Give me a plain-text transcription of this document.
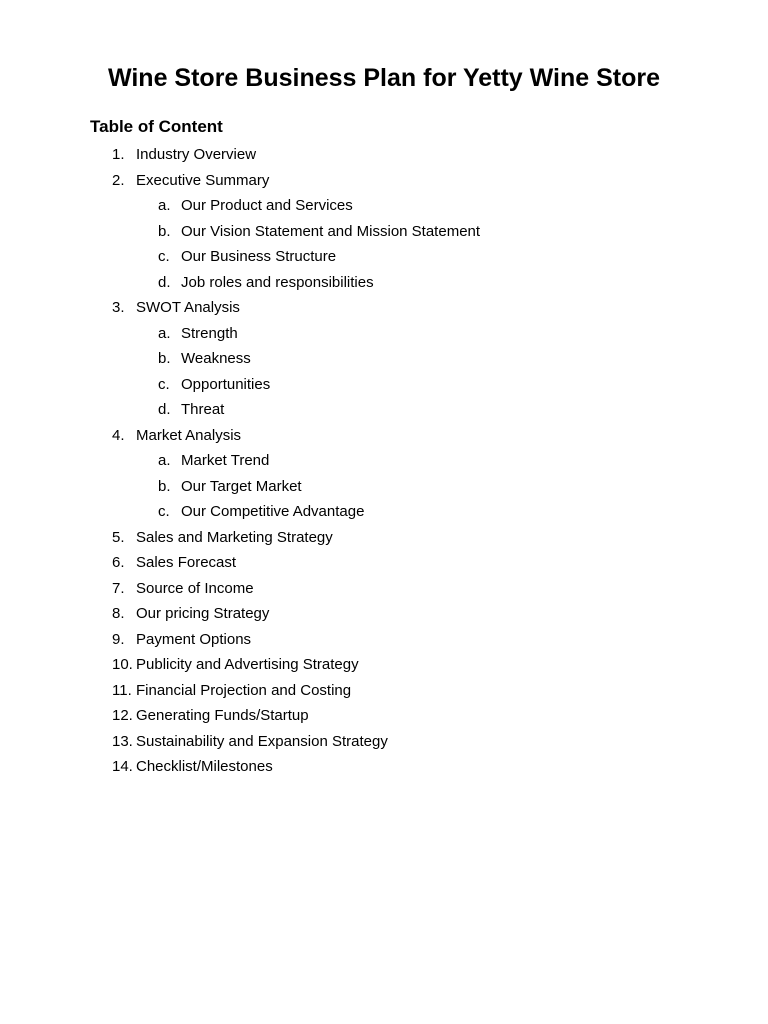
Wine Store Business Plan for Yetty Wine Store
Table of Content
1. Industry Overview
2. Executive Summary
a. Our Product and Services
b. Our Vision Statement and Mission Statement
c. Our Business Structure
d. Job roles and responsibilities
3. SWOT Analysis
a. Strength
b. Weakness
c. Opportunities
d. Threat
4. Market Analysis
a. Market Trend
b. Our Target Market
c. Our Competitive Advantage
5. Sales and Marketing Strategy
6. Sales Forecast
7. Source of Income
8. Our pricing Strategy
9. Payment Options
10. Publicity and Advertising Strategy
11. Financial Projection and Costing
12. Generating Funds/Startup
13. Sustainability and Expansion Strategy
14. Checklist/Milestones
